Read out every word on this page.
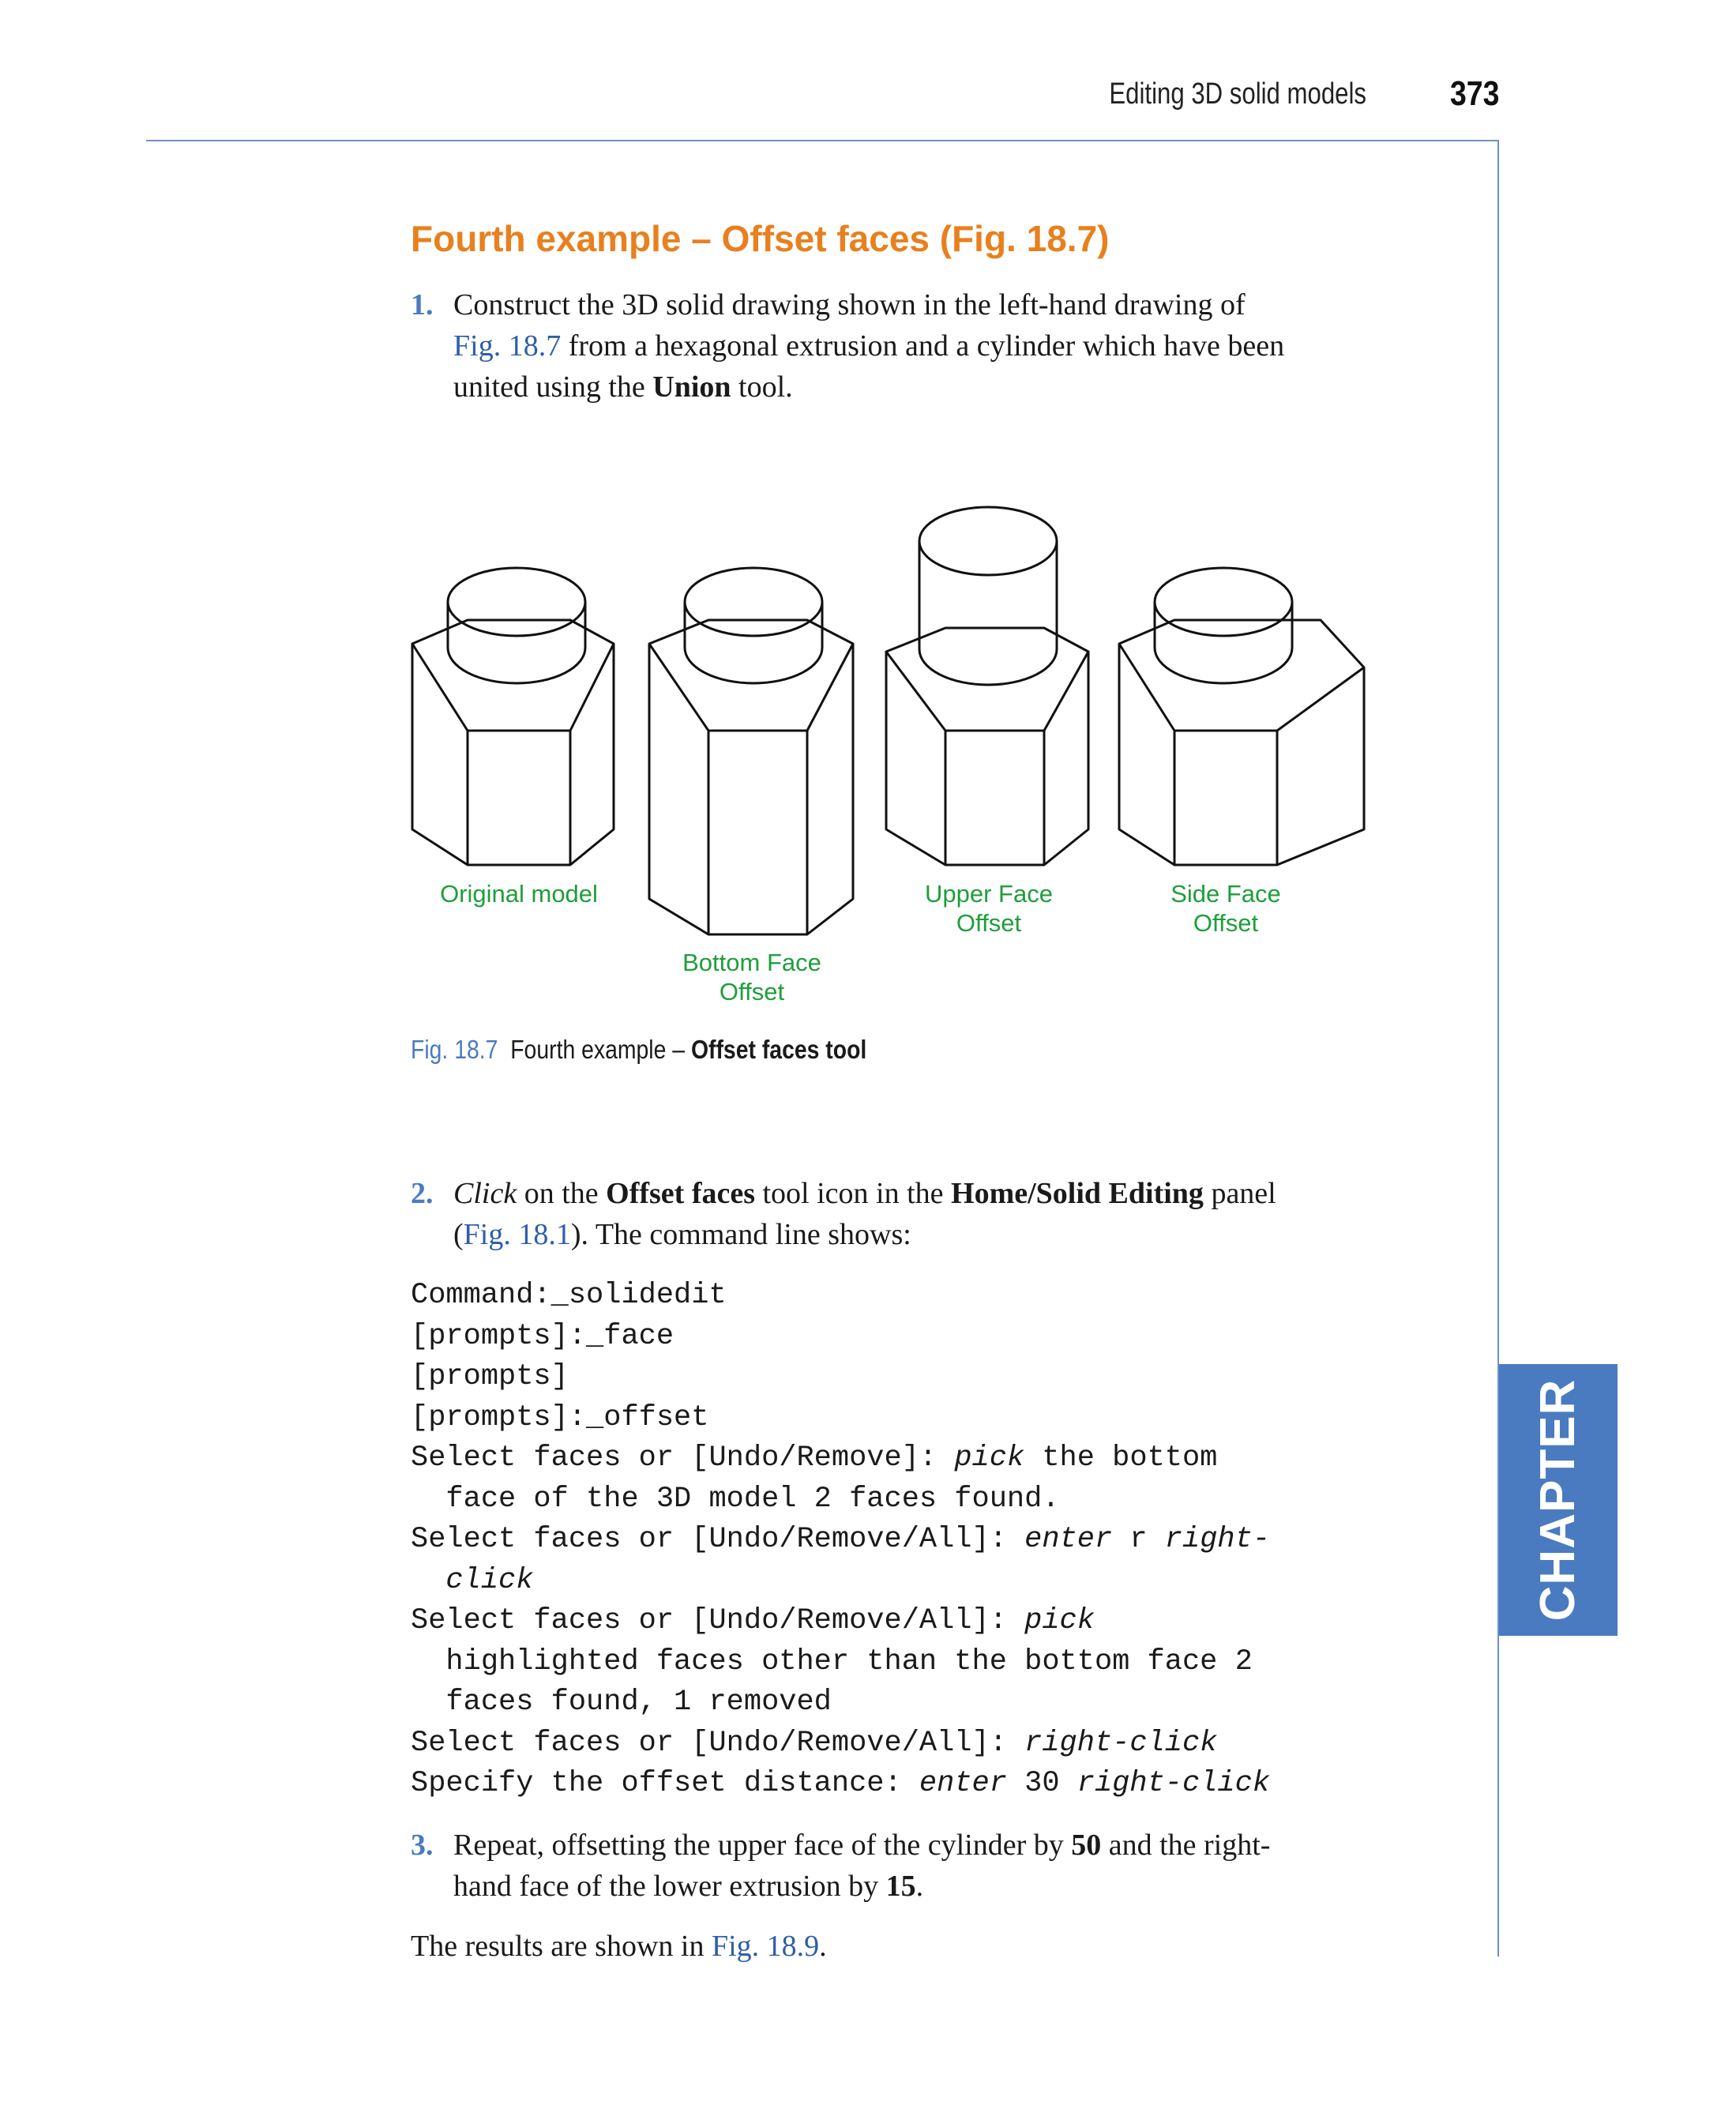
Editing 3D solid models 373
CHAPTER 18
Fourth example – Offset faces (Fig. 18.7)
1. Construct the 3D solid drawing shown in the left-hand drawing of
Fig. 18.7 from a hexagonal extrusion and a cylinder which have been
united using the Union tool.
Original model
Bottom Face
Offset
Upper Face
Offset
Side Face
Offset
Fig. 18.7 Fourth example – Offset faces tool
2. Click on the Offset faces tool icon in the Home/Solid Editing panel
(Fig. 18.1). The command line shows:
Command:_solidedit
[prompts]:_face
[prompts]
[prompts]:_offset
Select faces or [Undo/Remove]: pick the bottom
face of the 3D model 2 faces found.
Select faces or [Undo/Remove/All]: enter r right-
click
Select faces or [Undo/Remove/All]: pick
highlighted faces other than the bottom face 2
faces found, 1 removed
Select faces or [Undo/Remove/All]: right-click
Specify the offset distance: enter 30 right-click
3. Repeat, offsetting the upper face of the cylinder by 50 and the right-
hand face of the lower extrusion by 15.
The results are shown in Fig. 18.9.
